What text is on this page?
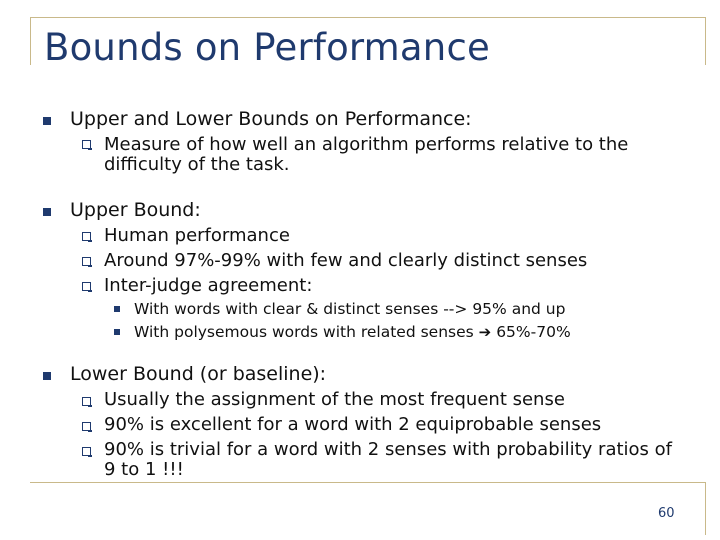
Bounds on Performance
Upper and Lower Bounds on Performance:
Measure of how well an algorithm performs relative to the
difficulty of the task.
Upper Bound:
Human performance
Around 97%-99% with few and clearly distinct senses
Inter-judge agreement:
With words with clear & distinct senses --> 95% and up
With polysemous words with related senses ➔ 65%-70%
Lower Bound (or baseline):
Usually the assignment of the most frequent sense
90% is excellent for a word with 2 equiprobable senses
90% is trivial for a word with 2 senses with probability ratios of
9 to 1 !!!
60
